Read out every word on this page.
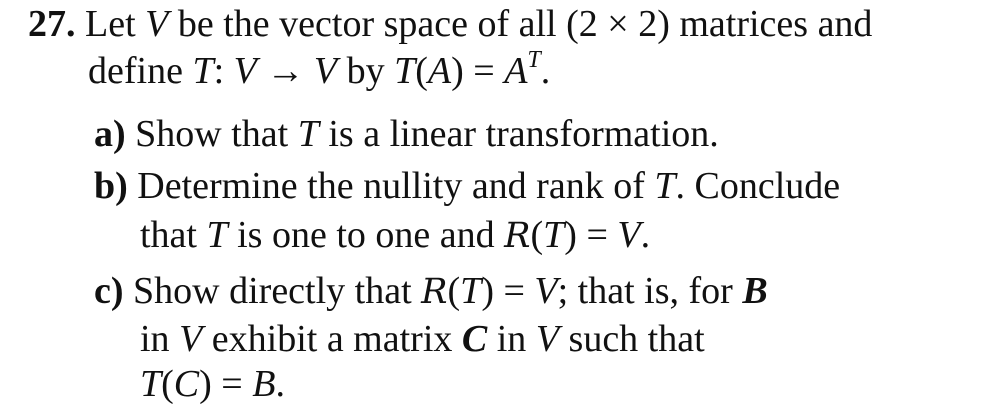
27. Let V be the vector space of all (2 × 2) matrices and
define T: V → V by $T(A) = A^T$.
a) Show that T is a linear transformation.
b) Determine the nullity and rank of T. Conclude
that T is one to one and R(T) = V.
c) Show directly that R(T) = V; that is, for B
in V exhibit a matrix C in V such that
T(C) = B.
